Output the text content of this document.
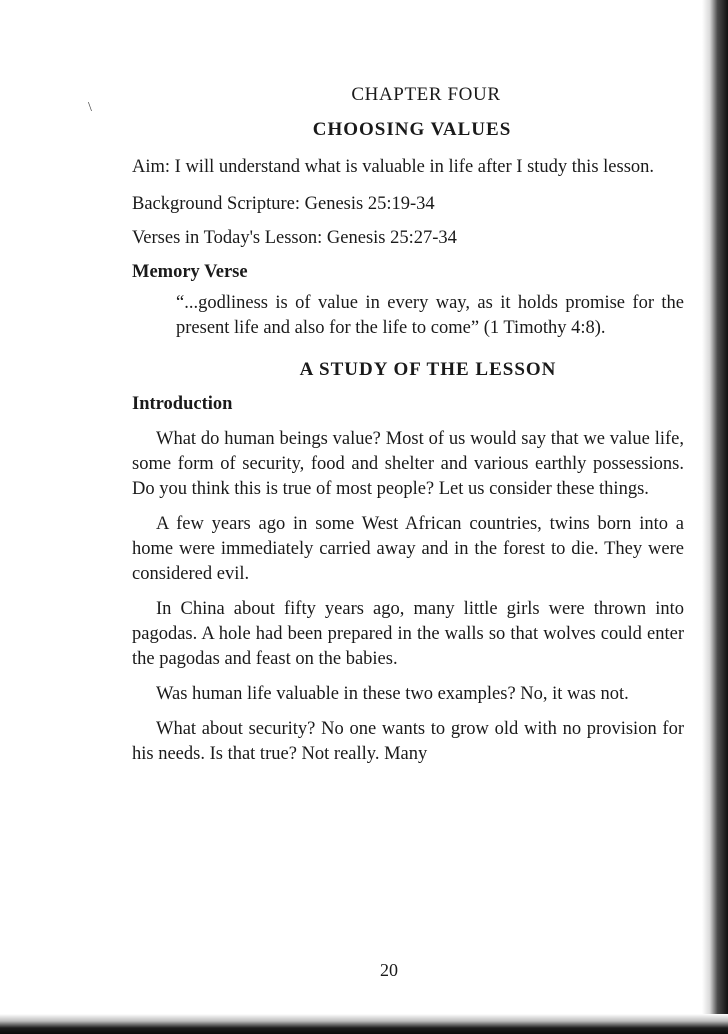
\
CHAPTER FOUR
CHOOSING VALUES

Aim: I will understand what is valuable in life after I study this lesson.

Background Scripture: Genesis 25:19-34

Verses in Today's Lesson: Genesis 25:27-34

Memory Verse

“...godliness is of value in every way, as it holds promise for the present life and also for the life to come” (1 Timothy 4:8).

A STUDY OF THE LESSON
Introduction

What do human beings value? Most of us would say that we value life, some form of security, food and shelter and various earthly possessions. Do you think this is true of most people? Let us consider these things.

A few years ago in some West African countries, twins born into a home were immediately carried away and in the forest to die. They were considered evil.

In China about fifty years ago, many little girls were thrown into pagodas. A hole had been prepared in the walls so that wolves could enter the pagodas and feast on the babies.

Was human life valuable in these two examples? No, it was not.

What about security? No one wants to grow old with no provision for his needs. Is that true? Not really. Many

20
